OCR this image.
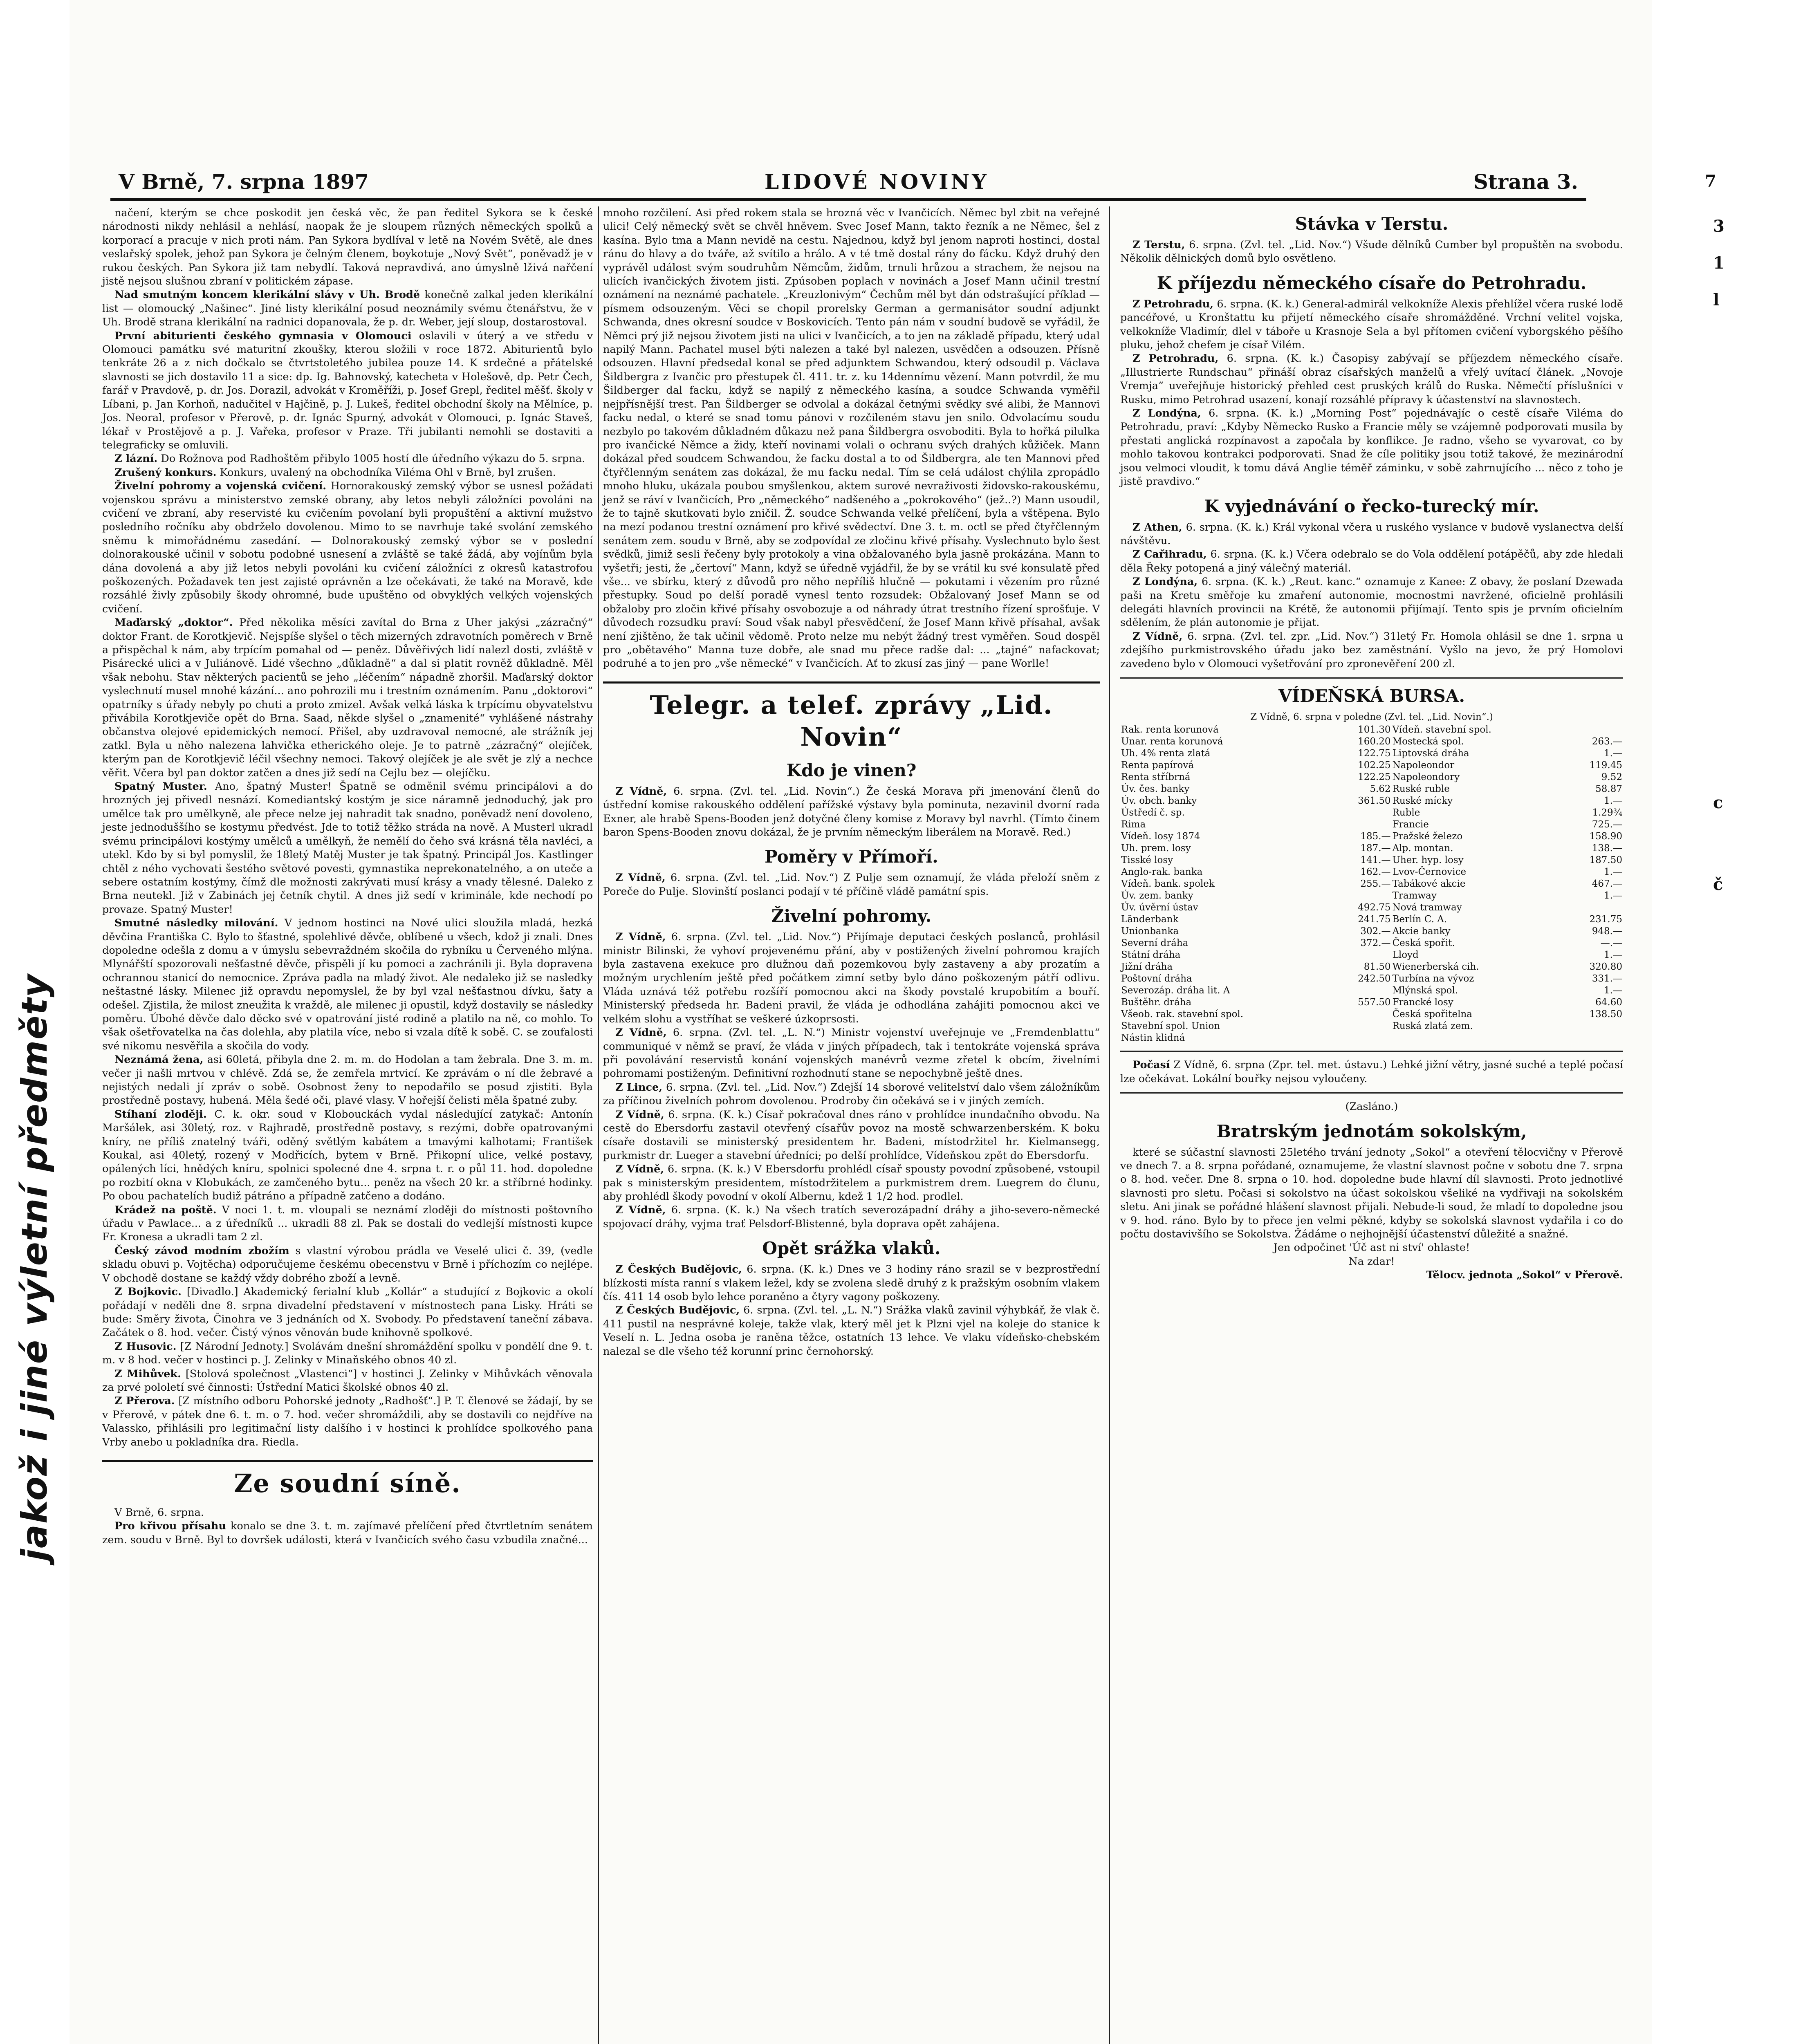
jakož i jiné výletní předměty
7
3
1
l
c
č
V Brně, 7. srpna 1897	LIDOVÉ NOVINY	Strana 3.

načení, kterým se chce poskodit jen česká věc, že pan ředitel Sykora se k české národnosti nikdy nehlásil a nehlásí, naopak že je sloupem různých německých spolků a korporací a pracuje v nich proti nám. Pan Sykora bydlíval v letě na Novém Světě, ale dnes veslařský spolek, jehož pan Sykora je čelným členem, boykotuje „Nový Svět“, poněvadž je v rukou českých. Pan Sykora již tam nebydlí. Taková nepravdivá, ano úmyslně lživá nařčení jistě nejsou slušnou zbraní v politickém zápase.

Nad smutným koncem klerikální slávy v Uh. Brodě konečně zalkal jeden klerikální list — olomoucký „Našinec“. Jiné listy klerikální posud neoznámily svému čtenářstvu, že v Uh. Brodě strana klerikální na radnici dopanovala, že p. dr. Weber, její sloup, dostarostoval.

První abiturienti českého gymnasia v Olomouci oslavili v úterý a ve středu v Olomouci památku své maturitní zkoušky, kterou složili v roce 1872. Abiturientů bylo tenkráte 26 a z nich dočkalo se čtvrtstoletého jubilea pouze 14. K srdečné a přátelské slavnosti se jich dostavilo 11 a sice: dp. Ig. Bahnovský, katecheta v Holešově, dp. Petr Čech, farář v Pravdově, p. dr. Jos. Dorazil, advokát v Kroměříži, p. Josef Grepl, ředitel měšť. školy v Líbani, p. Jan Korhoň, nadučitel v Hajčině, p. J. Lukeš, ředitel obchodní školy na Mělníce, p. Jos. Neoral, profesor v Přerově, p. dr. Ignác Spurný, advokát v Olomouci, p. Ignác Staveš, lékař v Prostějově a p. J. Vařeka, profesor v Praze. Tři jubilanti nemohli se dostaviti a telegraficky se omluvili.

Z lázní. Do Rožnova pod Radhoštěm přibylo 1005 hostí dle úředního výkazu do 5. srpna.

Zrušený konkurs. Konkurs, uvalený na obchodníka Viléma Ohl v Brně, byl zrušen.

Živelní pohromy a vojenská cvičení. Hornorakouský zemský výbor se usnesl požádati vojenskou správu a ministerstvo zemské obrany, aby letos nebyli záložníci povoláni na cvičení ve zbraní, aby reservisté ku cvičením povolaní byli propuštění a aktivní mužstvo posledního ročníku aby obdrželo dovolenou. Mimo to se navrhuje také svolání zemského sněmu k mimořádnému zasedání. — Dolnorakouský zemský výbor se v poslední dolnorakouské učinil v sobotu podobné usnesení a zvláště se také žádá, aby vojínům byla dána dovolená a aby již letos nebyli povoláni ku cvičení záložníci z okresů katastrofou poškozených. Požadavek ten jest zajisté oprávněn a lze očekávati, že také na Moravě, kde rozsáhlé živly způsobily škody ohromné, bude upuštěno od obvyklých velkých vojenských cvičení.

Maďarský „doktor“. Před několika měsíci zavítal do Brna z Uher jakýsi „zázračný“ doktor Frant. de Korotkjevič. Nejspíše slyšel o těch mizerných zdravotních poměrech v Brně a přispěchal k nám, aby trpícím pomahal od — peněz. Důvěřivých lidí nalezl dosti, zvláště v Pisárecké ulici a v Juliánově. Lidé všechno „důkladně“ a dal si platit rovněž důkladně. Měl však nebohu. Stav některých pacientů se jeho „léčením“ nápadně zhoršil. Maďarský doktor vyslechnutí musel mnohé kázání... ano pohrozili mu i trestním oznámením. Panu „doktorovi“ opatrníky s úřady nebyly po chuti a proto zmizel. Avšak velká láska k trpícímu obyvatelstvu přivábila Korotkjeviče opět do Brna. Saad, někde slyšel o „znamenité“ vyhlášené nástrahy občanstva olejové epidemických nemocí. Přišel, aby uzdravoval nemocné, ale strážník jej zatkl. Byla u něho nalezena lahvička etherického oleje. Je to patrně „zázračný“ olejíček, kterým pan de Korotkjevič léčil všechny nemoci. Takový olejíček je ale svět je zlý a nechce věřit. Včera byl pan doktor zatčen a dnes již sedí na Cejlu bez — olejíčku.

Spatný Muster. Ano, špatný Muster! Špatně se odměnil svému principálovi a do hrozných jej přivedl nesnází. Komediantský kostým je sice náramně jednoduchý, jak pro umělce tak pro umělkyně, ale přece nelze jej nahradit tak snadno, poněvadž není dovoleno, jeste jednoduššího se kostymu předvést. Jde to totiž těžko stráda na nově. A Musterl ukradl svému principálovi kostýmy umělců a umělkyň, že nemělí do čeho svá krásná těla navléci, a utekl. Kdo by si byl pomyslil, že 18letý Matěj Muster je tak špatný. Principál Jos. Kastlinger chtěl z ného vychovati šestého světové povesti, gymnastika neprekonatelného, a on uteče a sebere ostatním kostýmy, čímž dle možnosti zakrývati musí krásy a vnady tělesné. Daleko z Brna neutekl. Již v Zabinách jej četník chytil. A dnes již sedí v kriminále, kde nechodí po provaze. Spatný Muster!

Smutné následky milování. V jednom hostinci na Nové ulici sloužila mladá, hezká děvčina Františka C. Bylo to šťastné, spolehlivé děvče, oblíbené u všech, kdož ji znali. Dnes dopoledne odešla z domu a v úmyslu sebevraždném skočila do rybníku u Červeného mlýna. Mlynářští spozorovali nešťastné děvče, přispěli jí ku pomoci a zachránili ji. Byla dopravena ochrannou stanicí do nemocnice. Zpráva padla na mladý život. Ale nedaleko již se nasledky neštastné lásky. Milenec již opravdu nepomyslel, že by byl vzal nešťastnou dívku, šaty a odešel. Zjistila, že milost zneužita k vraždě, ale milenec ji opustil, když dostavily se následky poměru. Úbohé děvče dalo děcko své v opatrování jisté rodině a platilo na ně, co mohlo. To však ošetřovatelka na čas dolehla, aby platila více, nebo si vzala dítě k sobě. C. se zoufalosti své nikomu nesvěřila a skočila do vody.

Neznámá žena, asi 60letá, přibyla dne 2. m. m. do Hodolan a tam žebrala. Dne 3. m. m. večer ji našli mrtvou v chlévě. Zdá se, že zemřela mrtvicí. Ke zprávám o ní dle žebravé a nejistých nedali jí zpráv o sobě. Osobnost ženy to nepodařilo se posud zjistiti. Byla prostředně postavy, hubená. Měla šedé oči, plavé vlasy. V hořejší čelisti měla špatné zuby.

Stíhaní zloději. C. k. okr. soud v Klobouckách vydal následující zatykač: Antonín Maršálek, asi 30letý, roz. v Rajhradě, prostředně postavy, s rezými, dobře opatrovanými kníry, ne příliš znatelný tváři, oděný světlým kabátem a tmavými kalhotami; František Koukal, asi 40letý, rozený v Modřicích, bytem v Brně. Přikopní ulice, velké postavy, opálených líci, hnědých kníru, spolnici spolecné dne 4. srpna t. r. o půl 11. hod. dopoledne po rozbití okna v Klobukách, ze zamčeného bytu... peněz na všech 20 kr. a stříbrné hodinky. Po obou pachatelích budiž pátráno a případně zatčeno a dodáno.

Krádež na poště. V noci 1. t. m. vloupali se neznámí zloději do místnosti poštovního úřadu v Pawlace... a z úředníků ... ukradli 88 zl. Pak se dostali do vedlejší místnosti kupce Fr. Kronesa a ukradli tam 2 zl.

Český závod modním zbožím s vlastní výrobou prádla ve Veselé ulici č. 39, (vedle skladu obuvi p. Vojtěcha) odporučujeme českému obecenstvu v Brně i příchozím co nejlépe. V obchodě dostane se každý vždy dobrého zboží a levně.

Z Bojkovic. [Divadlo.] Akademický ferialní klub „Kollár“ a studující z Bojkovic a okolí pořádají v neděli dne 8. srpna divadelní představení v místnostech pana Lisky. Hráti se bude: Směry života, Činohra ve 3 jednáních od X. Svobody. Po představení taneční zábava. Začátek o 8. hod. večer. Čistý výnos věnován bude knihovně spolkové.

Z Husovic. [Z Národní Jednoty.] Svolávám dnešní shromáždění spolku v pondělí dne 9. t. m. v 8 hod. večer v hostinci p. J. Zelinky v Minaňského obnos 40 zl.

Z Mihůvek. [Stolová společnost „Vlastenci“] v hostinci J. Zelinky v Mihůvkách věnovala za prvé pololetí své činnosti: Ústřední Matici školské obnos 40 zl.

Z Přerova. [Z místního odboru Pohorské jednoty „Radhošť“.] P. T. členové se žádají, by se v Přerově, v pátek dne 6. t. m. o 7. hod. večer shromáždili, aby se dostavili co nejdříve na Valassko, přihlásili pro legitimační listy dalšího i v hostinci k prohlídce spolkového pana Vrby anebo u pokladníka dra. Riedla.

Ze soudní síně.

V Brně, 6. srpna.

Pro křivou přísahu konalo se dne 3. t. m. zajímavé přelíčení před čtvrtletním senátem zem. soudu v Brně. Byl to dovršek události, která v Ivančicích svého času vzbudila značné...

mnoho rozčilení. Asi před rokem stala se hrozná věc v Ivančicích. Němec byl zbit na veřejné ulici! Celý německý svět se chvěl hněvem. Svec Josef Mann, takto řezník a ne Němec, šel z kasína. Bylo tma a Mann nevidě na cestu. Najednou, když byl jenom naproti hostinci, dostal ránu do hlavy a do tváře, až svítilo a hrálo. A v té tmě dostal rány do fácku. Když druhý den vyprávěl událost svým soudruhům Němcům, židům, trnuli hrůzou a strachem, že nejsou na ulicích ivančických životem jisti. Zpúsoben poplach v novinách a Josef Mann učinil trestní oznámení na neznámé pachatele. „Kreuzlonivým“ Čechům měl byt dán odstrašující příklad — písmem odsouzeným. Věci se chopil prorelsky German a germanisátor soudní adjunkt Schwanda, dnes okresní soudce v Boskovicích. Tento pán nám v soudní budově se vyřádil, že Němci prý již nejsou životem jisti na ulici v Ivančicích, a to jen na základě případu, který udal napilý Mann. Pachatel musel býti nalezen a také byl nalezen, usvědčen a odsouzen. Přísně odsouzen. Hlavní předsedal konal se před adjunktem Schwandou, který odsoudil p. Václava Šildbergra z Ivančic pro přestupek čl. 411. tr. z. ku 14dennímu vězení. Mann potvrdil, že mu Šildberger dal facku, když se napilý z německého kasína, a soudce Schwanda vyměřil nejpřísnější trest. Pan Šildberger se odvolal a dokázal četnými svědky své alibi, že Mannovi facku nedal, o které se snad tomu pánovi v rozčileném stavu jen snilo. Odvolacímu soudu nezbylo po takovém důkladném důkazu než pana Šildbergra osvoboditi. Byla to hořká pilulka pro ivančické Němce a židy, kteří novinami volali o ochranu svých drahých kůžiček. Mann dokázal před soudcem Schwandou, že facku dostal a to od Šildbergra, ale ten Mannovi před čtyřčlenným senátem zas dokázal, že mu facku nedal. Tím se celá událost chýlila zpropádlo mnoho hluku, ukázala poubou smyšlenkou, aktem surové nevraživosti židovsko-rakouskému, jenž se ráví v Ivančicích, Pro „německého“ nadšeného a „pokrokového“ (jež..?) Mann usoudil, že to tajně skutkovati bylo zničil. Ž. soudce Schwanda velké přelíčení, byla a vštěpena. Bylo na mezí podanou trestní oznámení pro křivé svědectví. Dne 3. t. m. octl se před čtyřčlenným senátem zem. soudu v Brně, aby se zodpovídal ze zločinu křivé přísahy. Vyslechnuto bylo šest svědků, jimiž sesli řečeny byly protokoly a vina obžalovaného byla jasně prokázána. Mann to vyšetři; jesti, že „čertoví“ Mann, když se úředně vyjádřil, že by se vrátil ku své konsulatě před vše... ve sbírku, který z důvodů pro něho nepříliš hlučně — pokutami i vězením pro různé přestupky. Soud po delší poradě vynesl tento rozsudek: Obžalovaný Josef Mann se od obžaloby pro zločin křivé přísahy osvobozuje a od náhrady útrat trestního řízení sprošťuje. V důvodech rozsudku praví: Soud však nabyl přesvědčení, že Josef Mann křivě přísahal, avšak není zjištěno, že tak učinil vědomě. Proto nelze mu nebýt žádný trest vyměřen. Soud dospěl pro „obětavého“ Manna tuze dobře, ale snad mu přece radše dal: ... „tajné“ nafackovat; podruhé a to jen pro „vše německé“ v Ivančicích. Ať to zkusí zas jiný — pane Worlle!

Telegr. a telef. zprávy „Lid. Novin“
Kdo je vinen?

Z Vídně, 6. srpna. (Zvl. tel. „Lid. Novin“.) Že česká Morava při jmenování členů do ústřední komise rakouského oddělení pařížské výstavy byla pominuta, nezavinil dvorní rada Exner, ale hrabě Spens-Booden jenž dotyčné členy komise z Moravy byl navrhl. (Tímto činem baron Spens-Booden znovu dokázal, že je prvním německým liberálem na Moravě. Red.)

Poměry v Přímoří.

Z Vídně, 6. srpna. (Zvl. tel. „Lid. Nov.“) Z Pulje sem oznamují, že vláda přeloží sněm z Poreče do Pulje. Slovinští poslanci podají v té příčině vládě památní spis.

Živelní pohromy.

Z Vídně, 6. srpna. (Zvl. tel. „Lid. Nov.“) Přijímaje deputaci českých poslanců, prohlásil ministr Bilinski, že vyhoví projevenému přání, aby v postižených živelní pohromou krajích byla zastavena exekuce pro dlužnou daň pozemkovou byly zastaveny a aby prozatím a možným urychlením ještě před počátkem zimní setby bylo dáno poškozeným pátří odlivu. Vláda uznává též potřebu rozšíří pomocnou akci na škody povstalé krupobitím a bouří. Ministerský předseda hr. Badeni pravil, že vláda je odhodlána zahájiti pomocnou akci ve velkém slohu a vystříhat se veškeré úzkoprsosti.

Z Vídně, 6. srpna. (Zvl. tel. „L. N.“) Ministr vojenství uveřejnuje ve „Fremdenblattu“ communiqué v němž se praví, že vláda v jiných případech, tak i tentokráte vojenská správa při povolávání reservistů konání vojenských manévrů vezme zřetel k obcím, živelními pohromami postiženým. Definitivní rozhodnutí stane se nepochybně ještě dnes.

Z Lince, 6. srpna. (Zvl. tel. „Lid. Nov.“) Zdejší 14 sborové velitelství dalo všem záložníkům za příčinou živelních pohrom dovolenou. Prodroby čin očekává se i v jiných zemích.

Z Vídně, 6. srpna. (K. k.) Císař pokračoval dnes ráno v prohlídce inundačního obvodu. Na cestě do Ebersdorfu zastavil otevřený císařův povoz na mostě schwarzenberském. K boku císaře dostavili se ministerský presidentem hr. Badeni, místodržitel hr. Kielmansegg, purkmistr dr. Lueger a stavební úředníci; po delší prohlídce, Vídeňskou zpět do Ebersdorfu.

Z Vídně, 6. srpna. (K. k.) V Ebersdorfu prohlédl císař spousty povodní způsobené, vstoupil pak s ministerským presidentem, místodržitelem a purkmistrem drem. Luegrem do člunu, aby prohlédl škody povodní v okolí Albernu, kdež 1 1/2 hod. prodlel.

Z Vídně, 6. srpna. (K. k.) Na všech tratích severozápadní dráhy a jiho-severo-německé spojovací dráhy, vyjma trať Pelsdorf-Blistenné, byla doprava opět zahájena.

Opět srážka vlaků.

Z Českých Budějovic, 6. srpna. (K. k.) Dnes ve 3 hodiny ráno srazil se v bezprostřední blízkosti místa ranní s vlakem ležel, kdy se zvolena sledě druhý z k pražským osobním vlakem čís. 411 14 osob bylo lehce poraněno a čtyry vagony poškozeny.

Z Českých Budějovic, 6. srpna. (Zvl. tel. „L. N.“) Srážka vlaků zavinil výhybkář, že vlak č. 411 pustil na nesprávné koleje, takže vlak, který měl jet k Plzni vjel na koleje do stanice k Veselí n. L. Jedna osoba je raněna těžce, ostatních 13 lehce. Ve vlaku vídeňsko-chebském nalezal se dle všeho též korunní princ černohorský.

Stávka v Terstu.

Z Terstu, 6. srpna. (Zvl. tel. „Lid. Nov.“) Všude dělníků Cumber byl propuštěn na svobodu. Několik dělnických domů bylo osvětleno.

K příjezdu německého císaře do Petrohradu.

Z Petrohradu, 6. srpna. (K. k.) General-admirál velkokníže Alexis přehlížel včera ruské lodě pancéřové, u Kronštattu ku přijetí německého císaře shromážděné. Vrchní velitel vojska, velkokníže Vladimír, dlel v táboře u Krasnoje Sela a byl přítomen cvičení vyborgského pěšího pluku, jehož chefem je císař Vilém.

Z Petrohradu, 6. srpna. (K. k.) Časopisy zabývají se příjezdem německého císaře. „Illustrierte Rundschau“ přináší obraz císařských manželů a vřelý uvítací článek. „Novoje Vremja“ uveřejňuje historický přehled cest pruských králů do Ruska. Němečtí příslušníci v Rusku, mimo Petrohrad usazení, konají rozsáhlé přípravy k účastenství na slavnostech.

Z Londýna, 6. srpna. (K. k.) „Morning Post“ pojednávajíc o cestě císaře Viléma do Petrohradu, praví: „Kdyby Německo Rusko a Francie měly se vzájemně podporovati musila by přestati anglická rozpínavost a započala by konflikce. Je radno, všeho se vyvarovat, co by mohlo takovou kontrakci podporovati. Snad že cíle politiky jsou totiž takové, že mezinárodní jsou velmoci vloudit, k tomu dává Anglie téměř záminku, v sobě zahrnujícího ... něco z toho je jistě pravdivo.“

K vyjednávání o řecko-turecký mír.

Z Athen, 6. srpna. (K. k.) Král vykonal včera u ruského vyslance v budově vyslanectva delší návštěvu.

Z Cařihradu, 6. srpna. (K. k.) Včera odebralo se do Vola oddělení potápěčů, aby zde hledali děla Řeky potopená a jiný válečný materiál.

Z Londýna, 6. srpna. (K. k.) „Reut. kanc.“ oznamuje z Kanee: Z obavy, že poslaní Dzewada paši na Kretu směřoje ku zmaření autonomie, mocnostmi navržené, oficielně prohlásili delegáti hlavních provincii na Krétě, že autonomii přijímají. Tento spis je prvním oficielním sdělením, že plán autonomie je přijat.

Z Vídně, 6. srpna. (Zvl. tel. zpr. „Lid. Nov.“) 31letý Fr. Homola ohlásil se dne 1. srpna u zdejšího purkmistrovského úřadu jako bez zaměstnání. Vyšlo na jevo, že prý Homolovi zavedeno bylo v Olomouci vyšetřování pro zpronevěření 200 zl.

VÍDEŇSKÁ BURSA.
Z Vídně, 6. srpna v poledne (Zvl. tel. „Lid. Novin“.)
Rak. renta korunová	101.30	Vídeň. stavební spol.	
Unar. renta korunová	160.20	Mostecká spol.	263.—
Uh. 4% renta zlatá	122.75	Liptovská dráha	1.—
Renta papírová	102.25	Napoleondor	119.45
Renta stříbrná	122.25	Napoleondory	9.52
Úv. čes. banky	5.62	Ruské ruble	58.87
Úv. obch. banky	361.50	Ruské mícky	1.—
Ústředí č. sp.		Ruble	1.29¾
Rima		Francie	725.—
Vídeň. losy 1874	185.—	Pražské železo	158.90
Uh. prem. losy	187.—	Alp. montan.	138.—
Tisské losy	141.—	Uher. hyp. losy	187.50
Anglo-rak. banka	162.—	Lvov-Černovice	1.—
Vídeň. bank. spolek	255.—	Tabákové akcie	467.—
Úv. zem. banky		Tramway	1.—
Úv. úvěrní ústav	492.75	Nová tramway	
Länderbank	241.75	Berlín C. A.	231.75
Unionbanka	302.—	Akcie banky	948.—
Severní dráha	372.—	Česká spořit.	—.—
Státní dráha		Lloyd	1.—
Jižní dráha	81.50	Wienerberská cih.	320.80
Poštovní dráha	242.50	Turbína na vývoz	331.—
Severozáp. dráha lit. A		Mlýnská spol.	1.—
Buštěhr. dráha	557.50	Francké losy	64.60
Všeob. rak. stavební spol.		Česká spořitelna	138.50
Stavební spol. Union		Ruská zlatá zem.	
Nástin klidná			

Počasí Z Vídně, 6. srpna (Zpr. tel. met. ústavu.) Lehké jižní větry, jasné suché a teplé počasí lze očekávat. Lokální bouřky nejsou vyloučeny.

(Zasláno.)
Bratrským jednotám sokolským,

které se súčastní slavnosti 25letého trvání jednoty „Sokol“ a otevření tělocvičny v Přerově ve dnech 7. a 8. srpna pořádané, oznamujeme, že vlastní slavnost počne v sobotu dne 7. srpna o 8. hod. večer. Dne 8. srpna o 10. hod. dopoledne bude hlavní díl slavnosti. Proto jednotlivé slavnosti pro sletu. Počasi si sokolstvo na účast sokolskou všeliké na vydřivaji na sokolském sletu. Ani jinak se pořádné hlášení slavnost přijali. Nebude-li soud, že mladí to dopoledne jsou v 9. hod. ráno. Bylo by to přece jen velmi pěkné, kdyby se sokolská slavnost vydařila i co do počtu dostavivšího se Sokolstva. Žádáme o nejhojnější účastenství důležité a snažné.

Jen odpočinet 'Úč ast ni ství' ohlaste!
Na zdar!
Tělocv. jednota „Sokol“ v Přerově.
